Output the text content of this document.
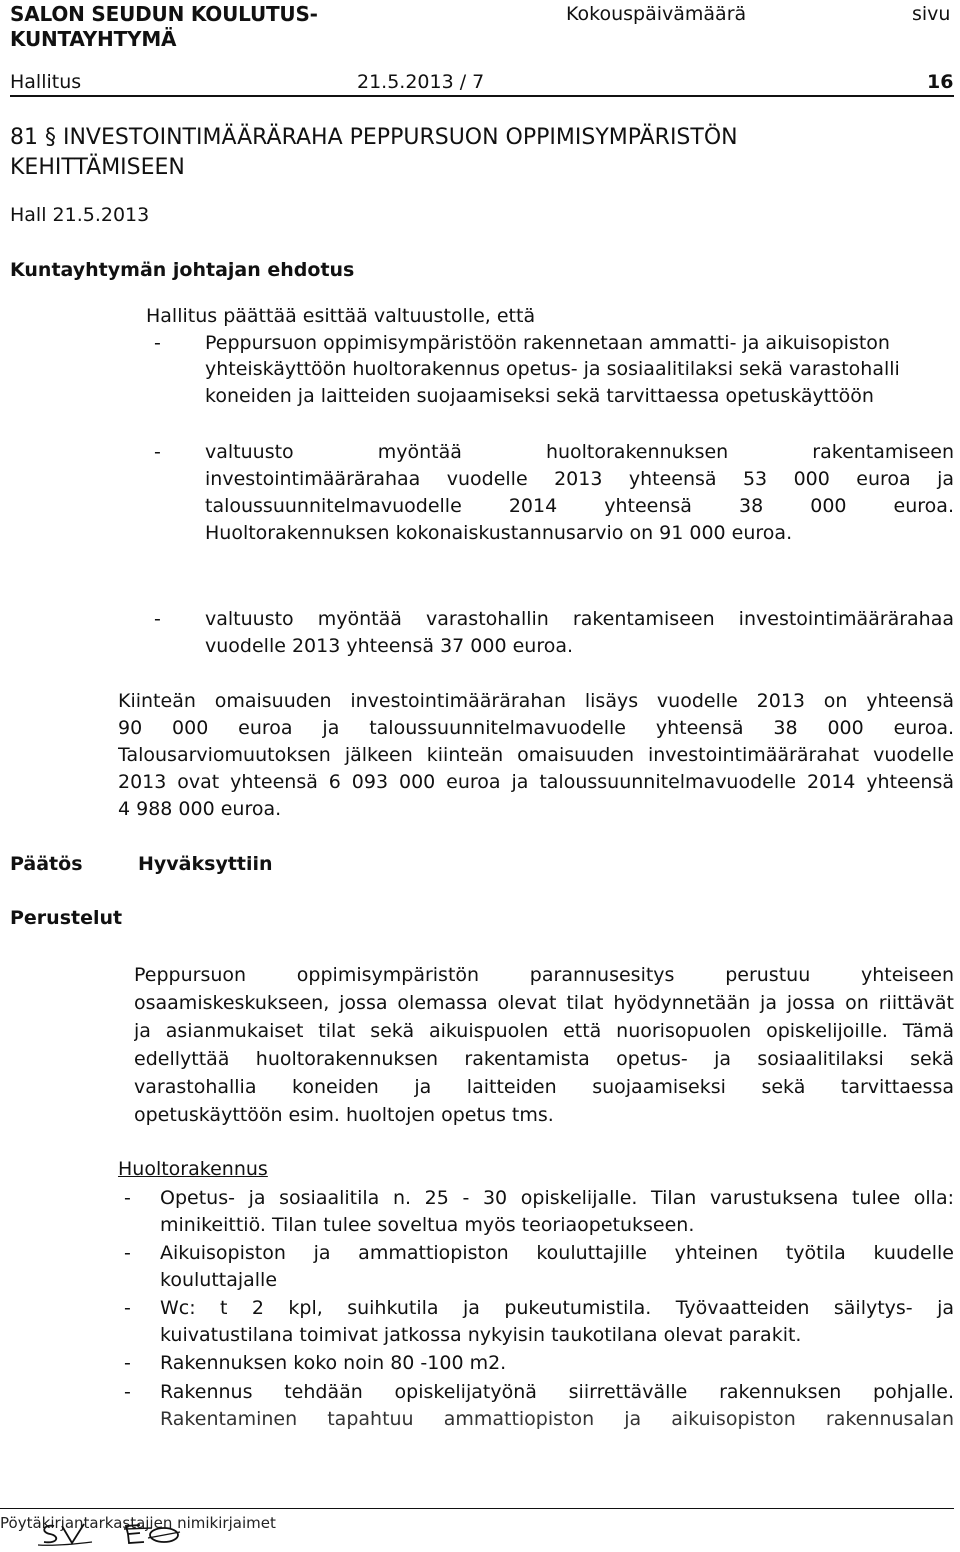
SALON SEUDUN KOULUTUS-
KUNTAYHTYMÄ
Kokouspäivämäärä	sivu
Hallitus	21.5.2013 / 7	16
81 § INVESTOINTIMÄÄRÄRAHA PEPPURSUON OPPIMISYMPÄRISTÖN
KEHITTÄMISEEN
Hall 21.5.2013
Kuntayhtymän johtajan ehdotus
Hallitus päättää esittää valtuustolle, että
- Peppursuon oppimisympäristöön rakennetaan ammatti- ja aikuisopiston
yhteiskäyttöön huoltorakennus opetus- ja sosiaalitilaksi sekä varastohalli
koneiden ja laitteiden suojaamiseksi sekä tarvittaessa opetuskäyttöön
- valtuusto myöntää huoltorakennuksen rakentamiseen
investointimäärärahaa vuodelle 2013 yhteensä 53 000 euroa ja
taloussuunnitelmavuodelle 2014 yhteensä 38 000 euroa.
Huoltorakennuksen kokonaiskustannusarvio on 91 000 euroa.
- valtuusto myöntää varastohallin rakentamiseen investointimäärärahaa
vuodelle 2013 yhteensä 37 000 euroa.
Kiinteän omaisuuden investointimäärärahan lisäys vuodelle 2013 on yhteensä
90 000 euroa ja taloussuunnitelmavuodelle yhteensä 38 000 euroa.
Talousarviomuutoksen jälkeen kiinteän omaisuuden investointimäärärahat vuodelle
2013 ovat yhteensä 6 093 000 euroa ja taloussuunnitelmavuodelle 2014 yhteensä
4 988 000 euroa.
Päätös	Hyväksyttiin
Perustelut
Peppursuon oppimisympäristön parannusesitys perustuu yhteiseen
osaamiskeskukseen, jossa olemassa olevat tilat hyödynnetään ja jossa on riittävät
ja asianmukaiset tilat sekä aikuispuolen että nuorisopuolen opiskelijoille. Tämä
edellyttää huoltorakennuksen rakentamista opetus- ja sosiaalitilaksi sekä
varastohallia koneiden ja laitteiden suojaamiseksi sekä tarvittaessa
opetuskäyttöön esim. huoltojen opetus tms.
Huoltorakennus
- Opetus- ja sosiaalitila n. 25 - 30 opiskelijalle. Tilan varustuksena tulee olla:
minikeittiö. Tilan tulee soveltua myös teoriaopetukseen.
- Aikuisopiston ja ammattiopiston kouluttajille yhteinen työtila kuudelle
kouluttajalle
- Wc: t 2 kpl, suihkutila ja pukeutumistila. Työvaatteiden säilytys- ja
kuivatustilana toimivat jatkossa nykyisin taukotilana olevat parakit.
- Rakennuksen koko noin 80 -100 m2.
- Rakennus tehdään opiskelijatyönä siirrettävälle rakennuksen pohjalle.
Rakentaminen tapahtuu ammattiopiston ja aikuisopiston rakennusalan
Pöytäkirjantarkastajien nimikirjaimet
